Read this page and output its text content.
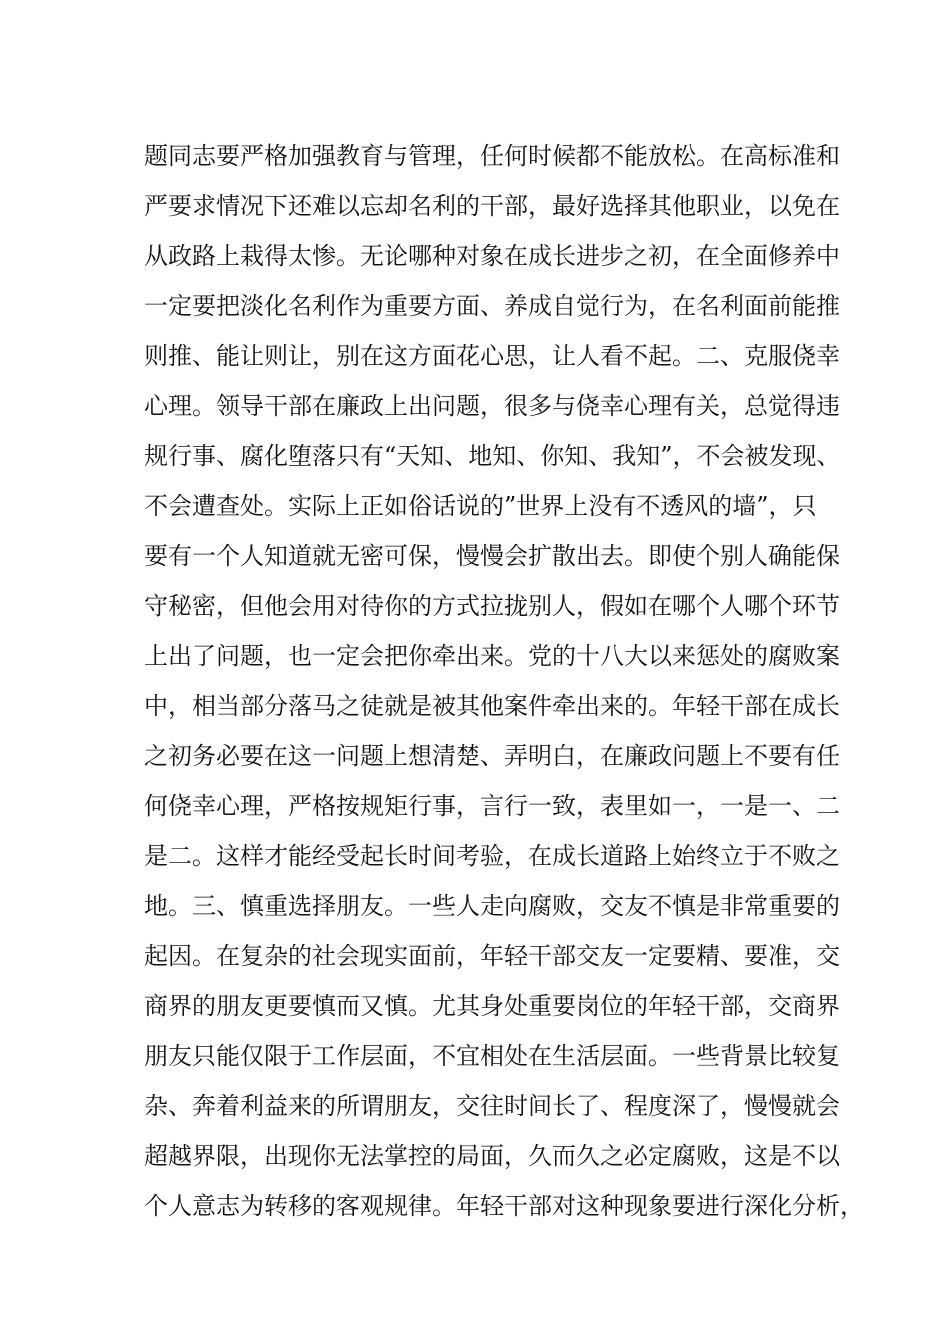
题同志要严格加强教育与管理，任何时候都不能放松。在高标准和
严要求情况下还难以忘却名利的干部，最好选择其他职业，以免在
从政路上栽得太惨。无论哪种对象在成长进步之初，在全面修养中
一定要把淡化名利作为重要方面、养成自觉行为，在名利面前能推
则推、能让则让，别在这方面花心思，让人看不起。二、克服侥幸
心理。领导干部在廉政上出问题，很多与侥幸心理有关，总觉得违
规行事、腐化堕落只有“天知、地知、你知、我知”，不会被发现、
不会遭查处。实际上正如俗话说的”世界上没有不透风的墙”，只
要有一个人知道就无密可保，慢慢会扩散出去。即使个别人确能保
守秘密，但他会用对待你的方式拉拢别人，假如在哪个人哪个环节
上出了问题，也一定会把你牵出来。党的十八大以来惩处的腐败案
中，相当部分落马之徒就是被其他案件牵出来的。年轻干部在成长
之初务必要在这一问题上想清楚、弄明白，在廉政问题上不要有任
何侥幸心理，严格按规矩行事，言行一致，表里如一，一是一、二
是二。这样才能经受起长时间考验，在成长道路上始终立于不败之
地。三、慎重选择朋友。一些人走向腐败，交友不慎是非常重要的
起因。在复杂的社会现实面前，年轻干部交友一定要精、要准，交
商界的朋友更要慎而又慎。尤其身处重要岗位的年轻干部，交商界
朋友只能仅限于工作层面，不宜相处在生活层面。一些背景比较复
杂、奔着利益来的所谓朋友，交往时间长了、程度深了，慢慢就会
超越界限，出现你无法掌控的局面，久而久之必定腐败，这是不以
个人意志为转移的客观规律。年轻干部对这种现象要进行深化分析，
